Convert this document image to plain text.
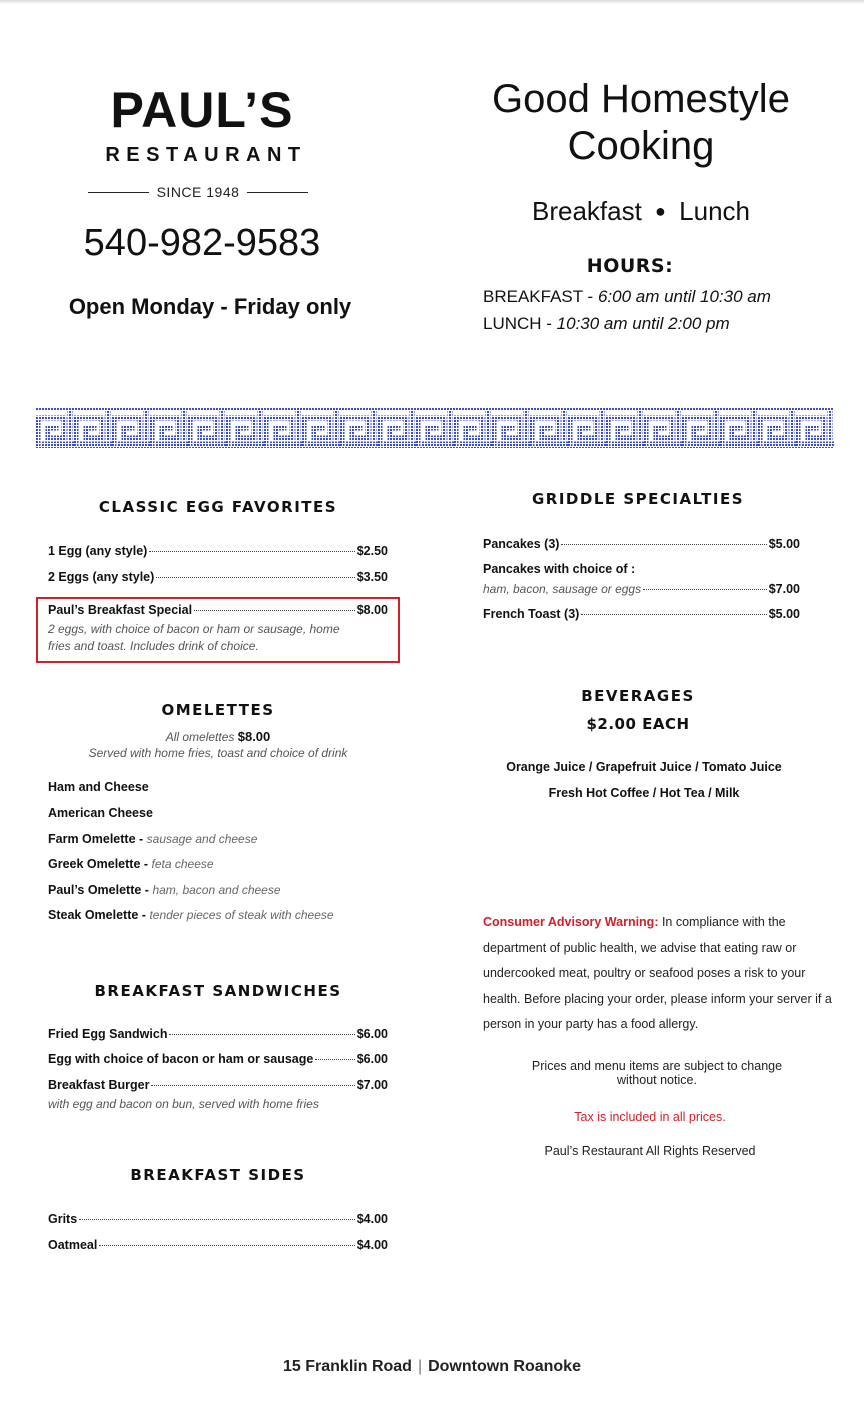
PAUL’S
RESTAURANT
SINCE 1948
540-982-9583
Open Monday - Friday only
Good Homestyle
Cooking
Breakfast ● Lunch
HOURS:
BREAKFAST - 6:00 am until 10:30 am
LUNCH - 10:30 am until 2:00 pm
CLASSIC EGG FAVORITES
1 Egg (any style)	$2.50
2 Eggs (any style)	$3.50
Paul’s Breakfast Special	$8.00
2 eggs, with choice of bacon or ham or sausage, home
fries and toast. Includes drink of choice.
OMELETTES
All omelettes $8.00
Served with home fries, toast and choice of drink
Ham and Cheese
American Cheese
Farm Omelette - sausage and cheese
Greek Omelette - feta cheese
Paul’s Omelette - ham, bacon and cheese
Steak Omelette - tender pieces of steak with cheese
BREAKFAST SANDWICHES
Fried Egg Sandwich	$6.00
Egg with choice of bacon or ham or sausage	$6.00
Breakfast Burger	$7.00
with egg and bacon on bun, served with home fries
BREAKFAST SIDES
Grits	$4.00
Oatmeal	$4.00
GRIDDLE SPECIALTIES
Pancakes (3)	$5.00
Pancakes with choice of :
ham, bacon, sausage or eggs	$7.00
French Toast (3)	$5.00
BEVERAGES
$2.00 EACH
Orange Juice / Grapefruit Juice / Tomato Juice
Fresh Hot Coffee / Hot Tea / Milk
Consumer Advisory Warning: In compliance with the department of public health, we advise that eating raw or undercooked meat, poultry or seafood poses a risk to your health. Before placing your order, please inform your server if a person in your party has a food allergy.
Prices and menu items are subject to change
without notice.
Tax is included in all prices.
Paul’s Restaurant All Rights Reserved
15 Franklin Road | Downtown Roanoke
